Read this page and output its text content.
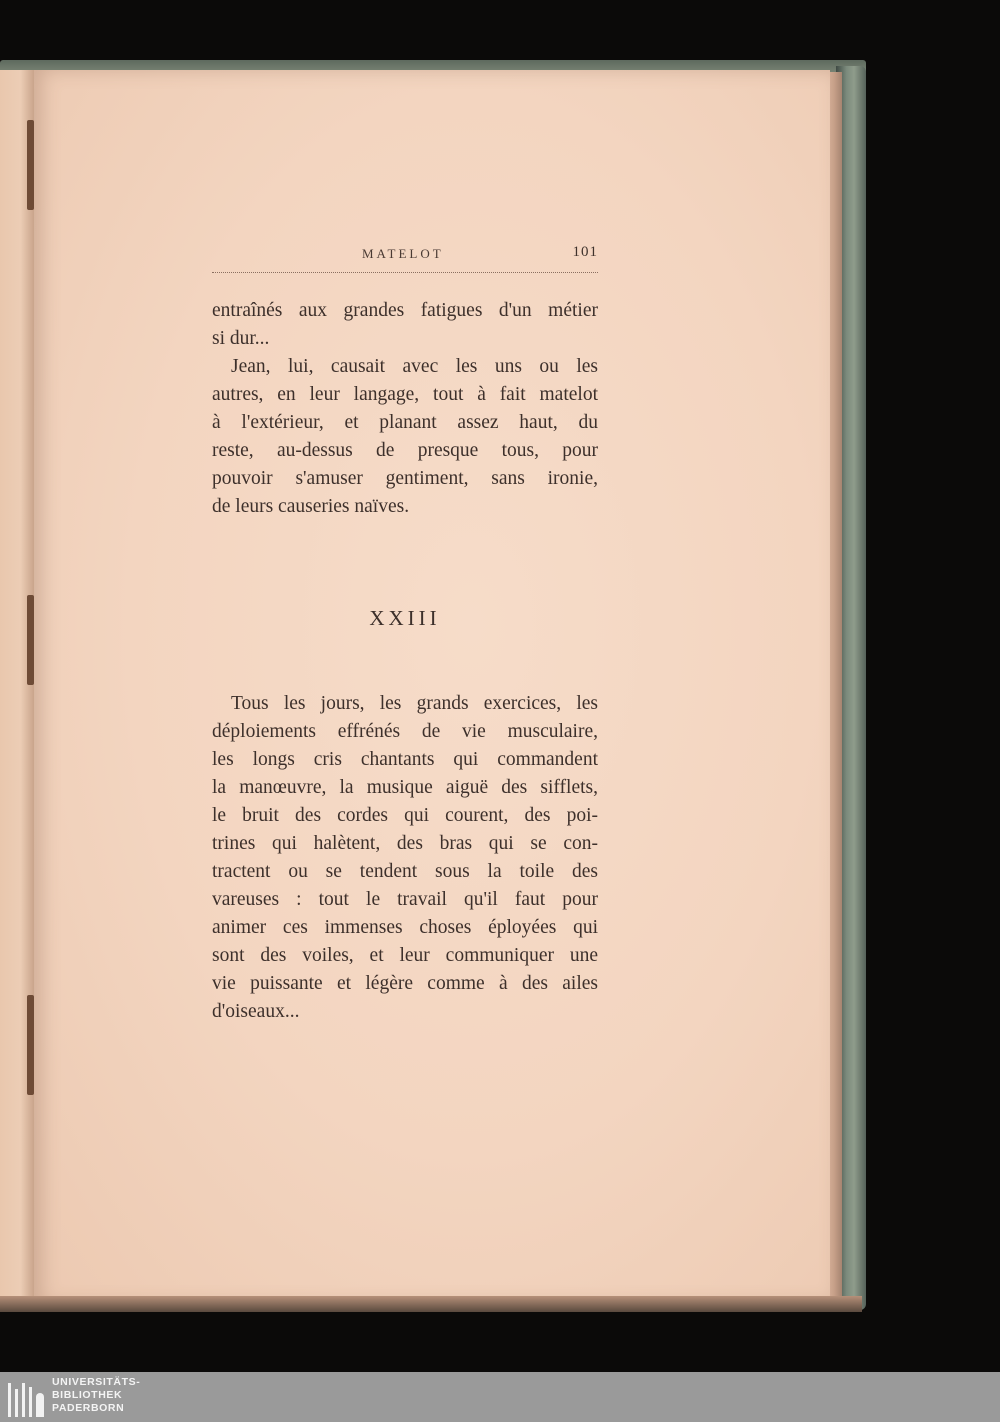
MATELOT	101
entraînés aux grandes fatigues d'un métier
si dur...
Jean, lui, causait avec les uns ou les
autres, en leur langage, tout à fait matelot
à l'extérieur, et planant assez haut, du
reste, au-dessus de presque tous, pour
pouvoir s'amuser gentiment, sans ironie,
de leurs causeries naïves.
XXIII
Tous les jours, les grands exercices, les
déploiements effrénés de vie musculaire,
les longs cris chantants qui commandent
la manœuvre, la musique aiguë des sifflets,
le bruit des cordes qui courent, des poi-
trines qui halètent, des bras qui se con-
tractent ou se tendent sous la toile des
vareuses : tout le travail qu'il faut pour
animer ces immenses choses éployées qui
sont des voiles, et leur communiquer une
vie puissante et légère comme à des ailes
d'oiseaux...
UNIVERSITÄTS-
BIBLIOTHEK
PADERBORN
